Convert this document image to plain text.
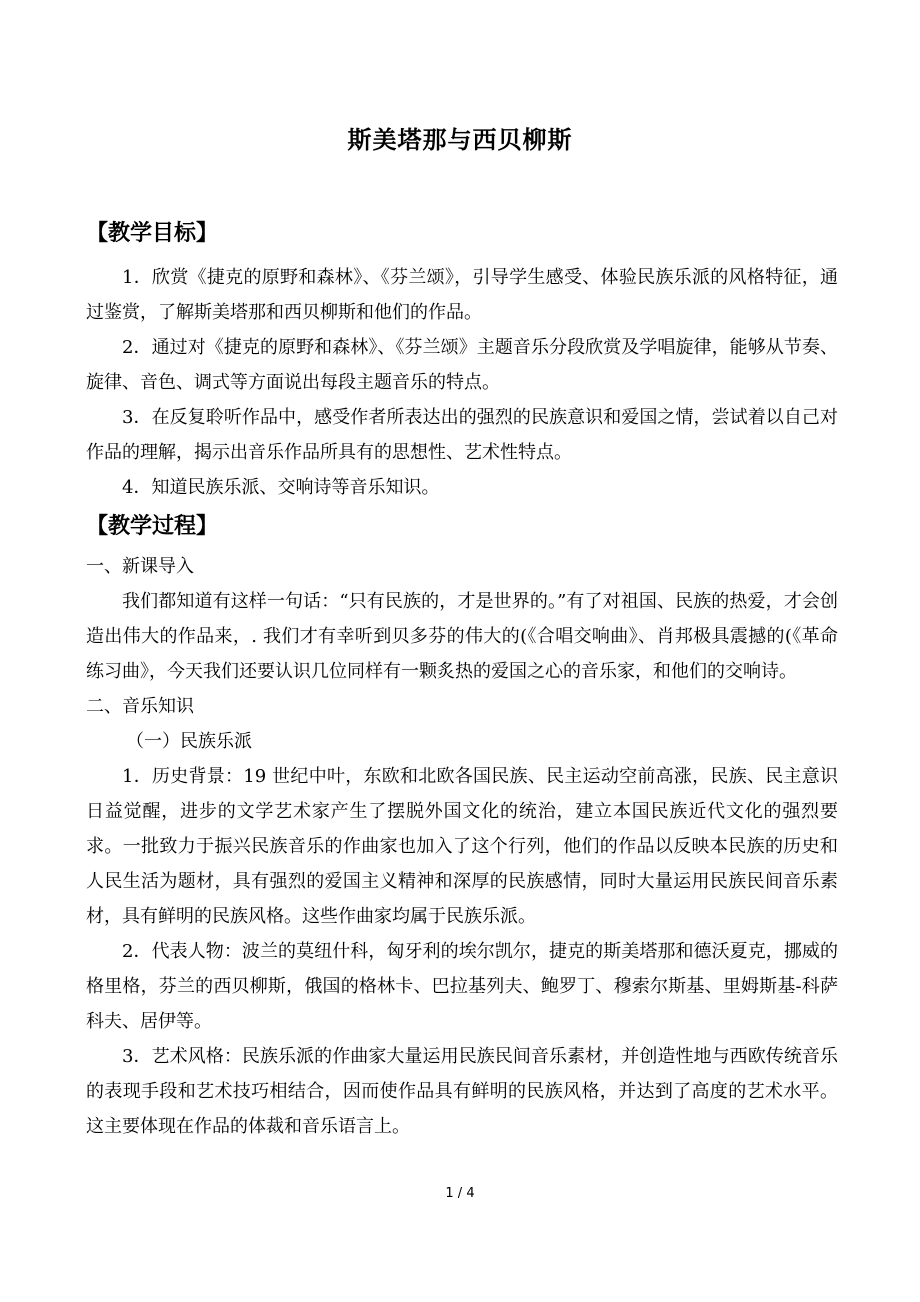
斯美塔那与西贝柳斯

【教学目标】

1．欣赏《捷克的原野和森林》、《芬兰颂》，引导学生感受、体验民族乐派的风格特征，通过鉴赏，了解斯美塔那和西贝柳斯和他们的作品。

2．通过对《捷克的原野和森林》、《芬兰颂》主题音乐分段欣赏及学唱旋律，能够从节奏、旋律、音色、调式等方面说出每段主题音乐的特点。

3．在反复聆听作品中，感受作者所表达出的强烈的民族意识和爱国之情，尝试着以自己对作品的理解，揭示出音乐作品所具有的思想性、艺术性特点。

4．知道民族乐派、交响诗等音乐知识。

【教学过程】

一、新课导入

我们都知道有这样一句话：“只有民族的，才是世界的。”有了对祖国、民族的热爱，才会创造出伟大的作品来，. 我们才有幸听到贝多芬的伟大的(《合唱交响曲》、肖邦极具震撼的(《革命练习曲》，今天我们还要认识几位同样有一颗炙热的爱国之心的音乐家，和他们的交响诗。

二、音乐知识

（一）民族乐派

1．历史背景：19 世纪中叶，东欧和北欧各国民族、民主运动空前高涨，民族、民主意识日益觉醒，进步的文学艺术家产生了摆脱外国文化的统治，建立本国民族近代文化的强烈要求。一批致力于振兴民族音乐的作曲家也加入了这个行列，他们的作品以反映本民族的历史和人民生活为题材，具有强烈的爱国主义精神和深厚的民族感情，同时大量运用民族民间音乐素材，具有鲜明的民族风格。这些作曲家均属于民族乐派。

2．代表人物：波兰的莫纽什科，匈牙利的埃尔凯尔，捷克的斯美塔那和德沃夏克，挪威的格里格，芬兰的西贝柳斯，俄国的格林卡、巴拉基列夫、鲍罗丁、穆索尔斯基、里姆斯基-科萨科夫、居伊等。

3．艺术风格：民族乐派的作曲家大量运用民族民间音乐素材，并创造性地与西欧传统音乐的表现手段和艺术技巧相结合，因而使作品具有鲜明的民族风格，并达到了高度的艺术水平。这主要体现在作品的体裁和音乐语言上。

1 / 4
